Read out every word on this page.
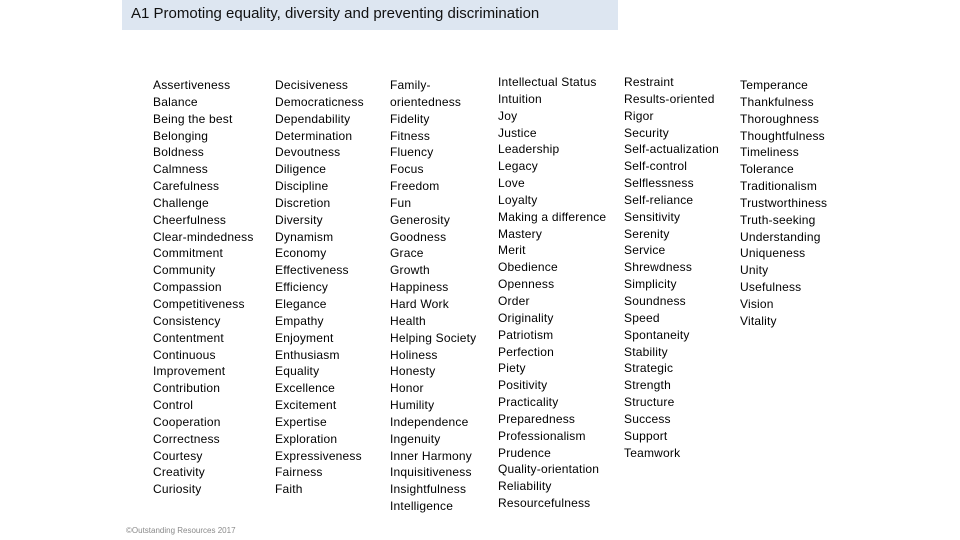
A1 Promoting equality, diversity and preventing discrimination
Assertiveness
Balance
Being the best
Belonging
Boldness
Calmness
Carefulness
Challenge
Cheerfulness
Clear-mindedness
Commitment
Community
Compassion
Competitiveness
Consistency
Contentment
Continuous
Improvement
Contribution
Control
Cooperation
Correctness
Courtesy
Creativity
Curiosity
Decisiveness
Democraticness
Dependability
Determination
Devoutness
Diligence
Discipline
Discretion
Diversity
Dynamism
Economy
Effectiveness
Efficiency
Elegance
Empathy
Enjoyment
Enthusiasm
Equality
Excellence
Excitement
Expertise
Exploration
Expressiveness
Fairness
Faith
Family-
orientedness
Fidelity
Fitness
Fluency
Focus
Freedom
Fun
Generosity
Goodness
Grace
Growth
Happiness
Hard Work
Health
Helping Society
Holiness
Honesty
Honor
Humility
Independence
Ingenuity
Inner Harmony
Inquisitiveness
Insightfulness
Intelligence
Intellectual Status
Intuition
Joy
Justice
Leadership
Legacy
Love
Loyalty
Making a difference
Mastery
Merit
Obedience
Openness
Order
Originality
Patriotism
Perfection
Piety
Positivity
Practicality
Preparedness
Professionalism
Prudence
Quality-orientation
Reliability
Resourcefulness
Restraint
Results-oriented
Rigor
Security
Self-actualization
Self-control
Selflessness
Self-reliance
Sensitivity
Serenity
Service
Shrewdness
Simplicity
Soundness
Speed
Spontaneity
Stability
Strategic
Strength
Structure
Success
Support
Teamwork
Temperance
Thankfulness
Thoroughness
Thoughtfulness
Timeliness
Tolerance
Traditionalism
Trustworthiness
Truth-seeking
Understanding
Uniqueness
Unity
Usefulness
Vision
Vitality
©Outstanding Resources 2017
